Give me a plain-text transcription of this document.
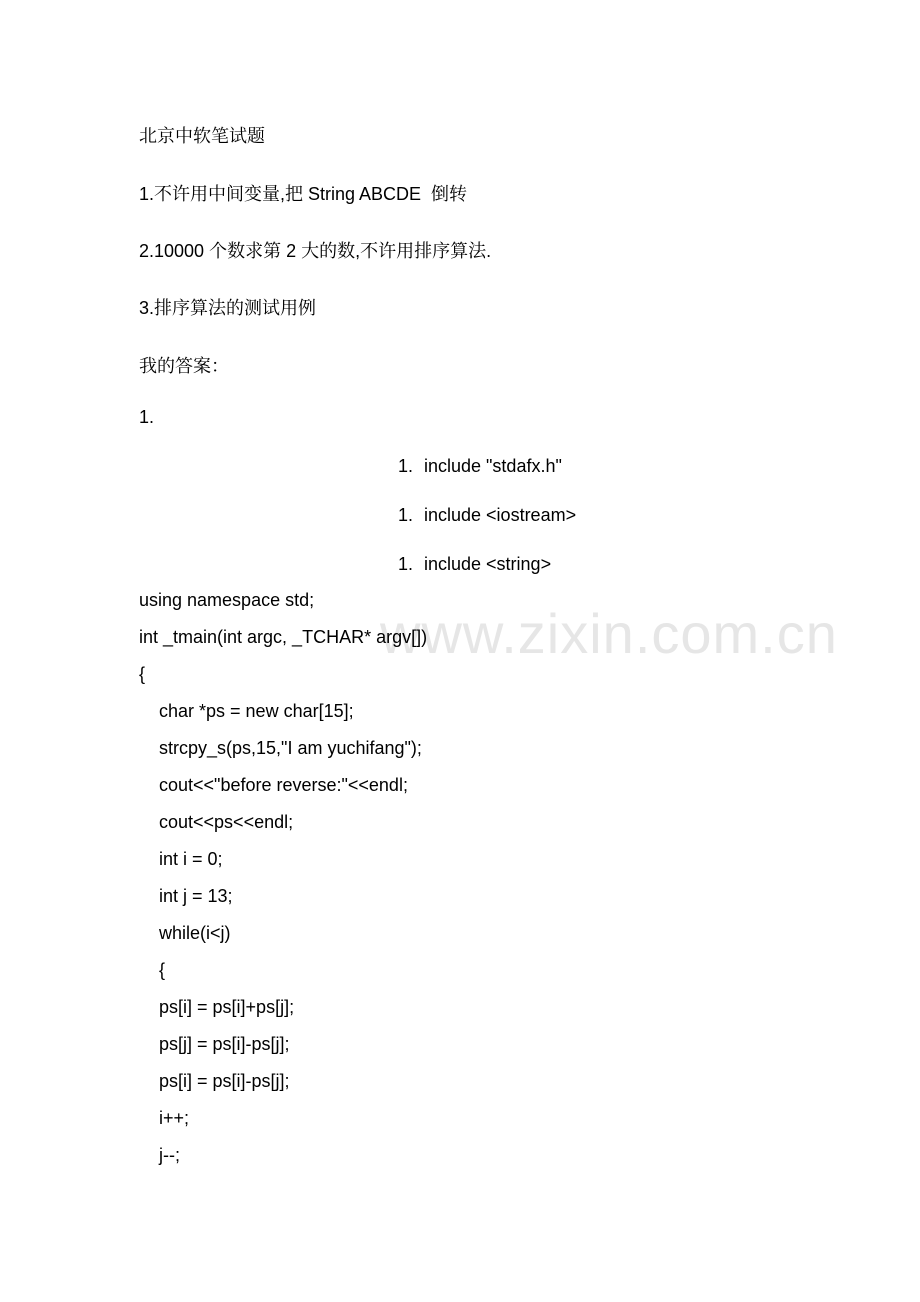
www.zixin.com.cn
北京中软笔试题
1.不许用中间变量,把 String ABCDE  倒转
2.10000 个数求第 2 大的数,不许用排序算法.
3.排序算法的测试用例
我的答案：
1.
1. include "stdafx.h"
1. include <iostream>
1. include <string>
using namespace std;
int _tmain(int argc, _TCHAR* argv[])
{
char *ps = new char[15];
strcpy_s(ps,15,"I am yuchifang");
cout<<"before reverse:"<<endl;
cout<<ps<<endl;
int i = 0;
int j = 13;
while(i<j)
{
ps[i] = ps[i]+ps[j];
ps[j] = ps[i]-ps[j];
ps[i] = ps[i]-ps[j];
i++;
j--;
